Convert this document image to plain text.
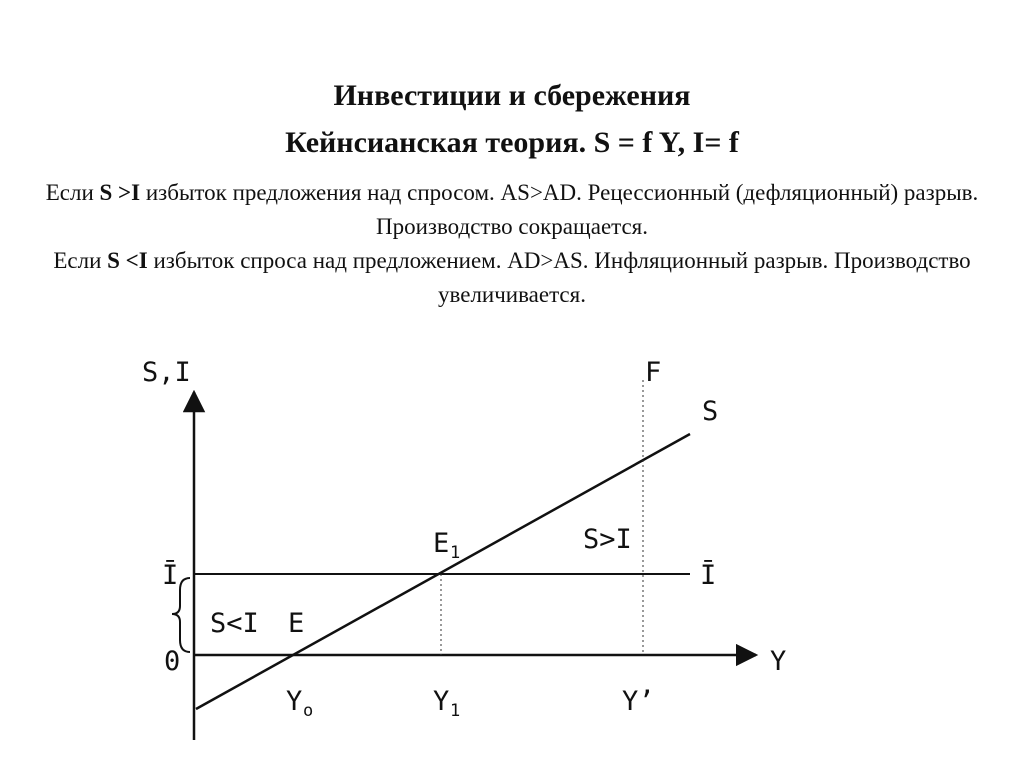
Инвестиции и сбережения
Кейнсианская теория. S = f Y, I= f
Если S >I избыток предложения над спросом. AS>AD. Рецессионный (дефляционный) разрыв. Производство сокращается.
Если S <I избыток спроса над предложением. AD>AS. Инфляционный разрыв. Производство увеличивается.
S,I	F
S
E 1	S>I
Ī	Ī
S<I E
0	Y
Y o	Y 1	Y’
